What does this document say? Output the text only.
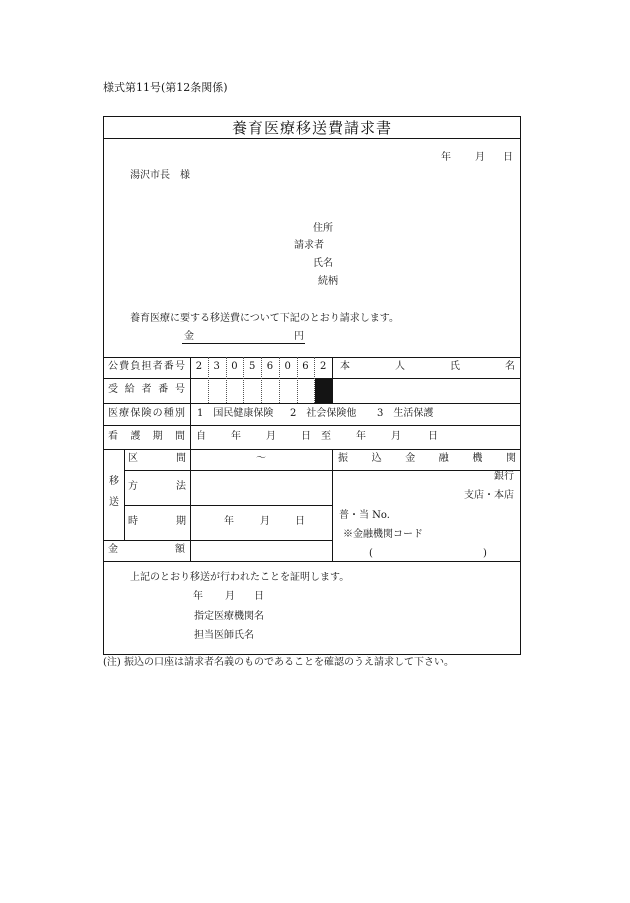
様式第11号(第12条関係)
養育医療移送費請求書
年 月 日
湯沢市長　様
住所
請求者
氏名
続柄
養育医療に要する移送費について下記のとおり請求します。
金	円
公 費 負 担 者 番 号	2	3	0	5	6	0	6	2	本	人	氏	名
受 給 者 番 号
医 療 保 険 の 種 別 1　国民健康保険 2　社会保険他 3　生活保護
看 護 期 間 自	年	月	日 至	年	月	日
移
送
区	間	〜
方	法
時	期	年	月	日
金	額
振 込 金 融 機 関
銀行
支店・本店
普・当 No.
※金融機関コード
(	)
上記のとおり移送が行われたことを証明します。
年 月 日
指定医療機関名
担当医師氏名
(注) 振込の口座は請求者名義のものであることを確認のうえ請求して下さい。
